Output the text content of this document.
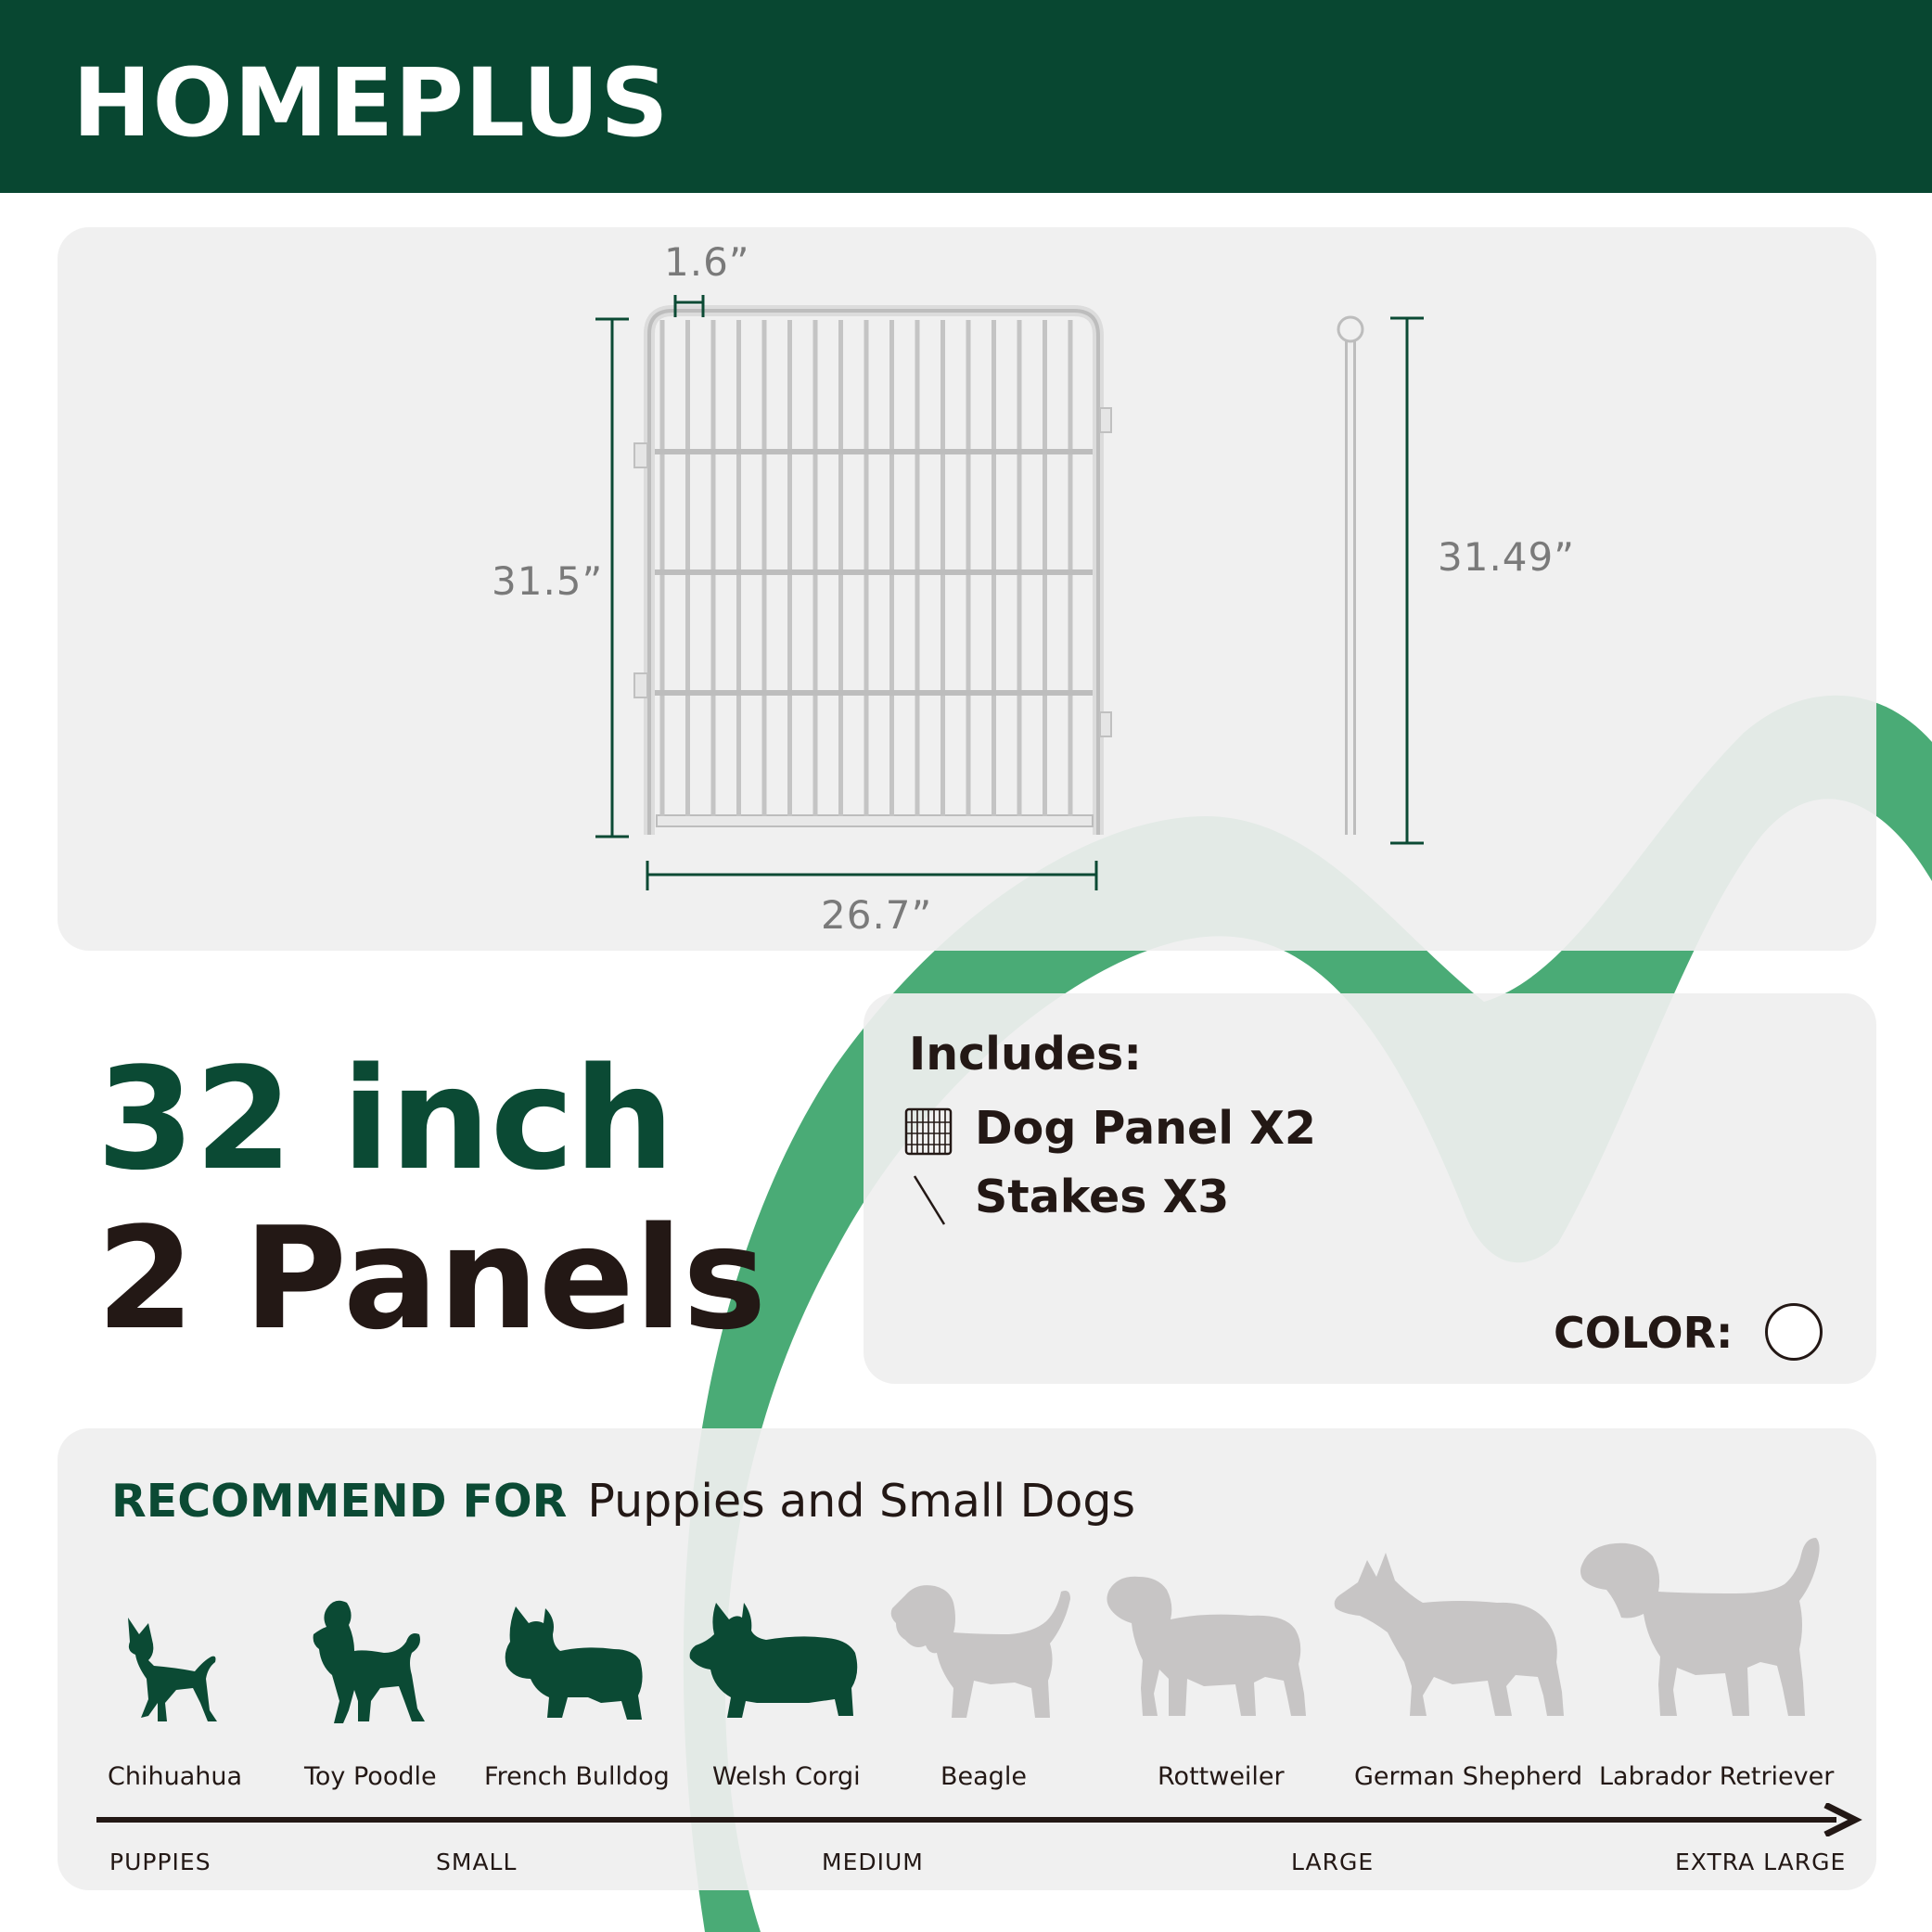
HOMEPLUS
1.6”
31.5”
26.7”
31.49”
32 inch
2 Panels
Includes:
Dog Panel X2
Stakes X3
COLOR:
RECOMMEND FOR Puppies and Small Dogs
Chihuahua Toy Poodle French Bulldog Welsh Corgi	Beagle	Rottweiler	German Shepherd Labrador Retriever
PUPPIES	SMALL	MEDIUM	LARGE	EXTRA LARGE
